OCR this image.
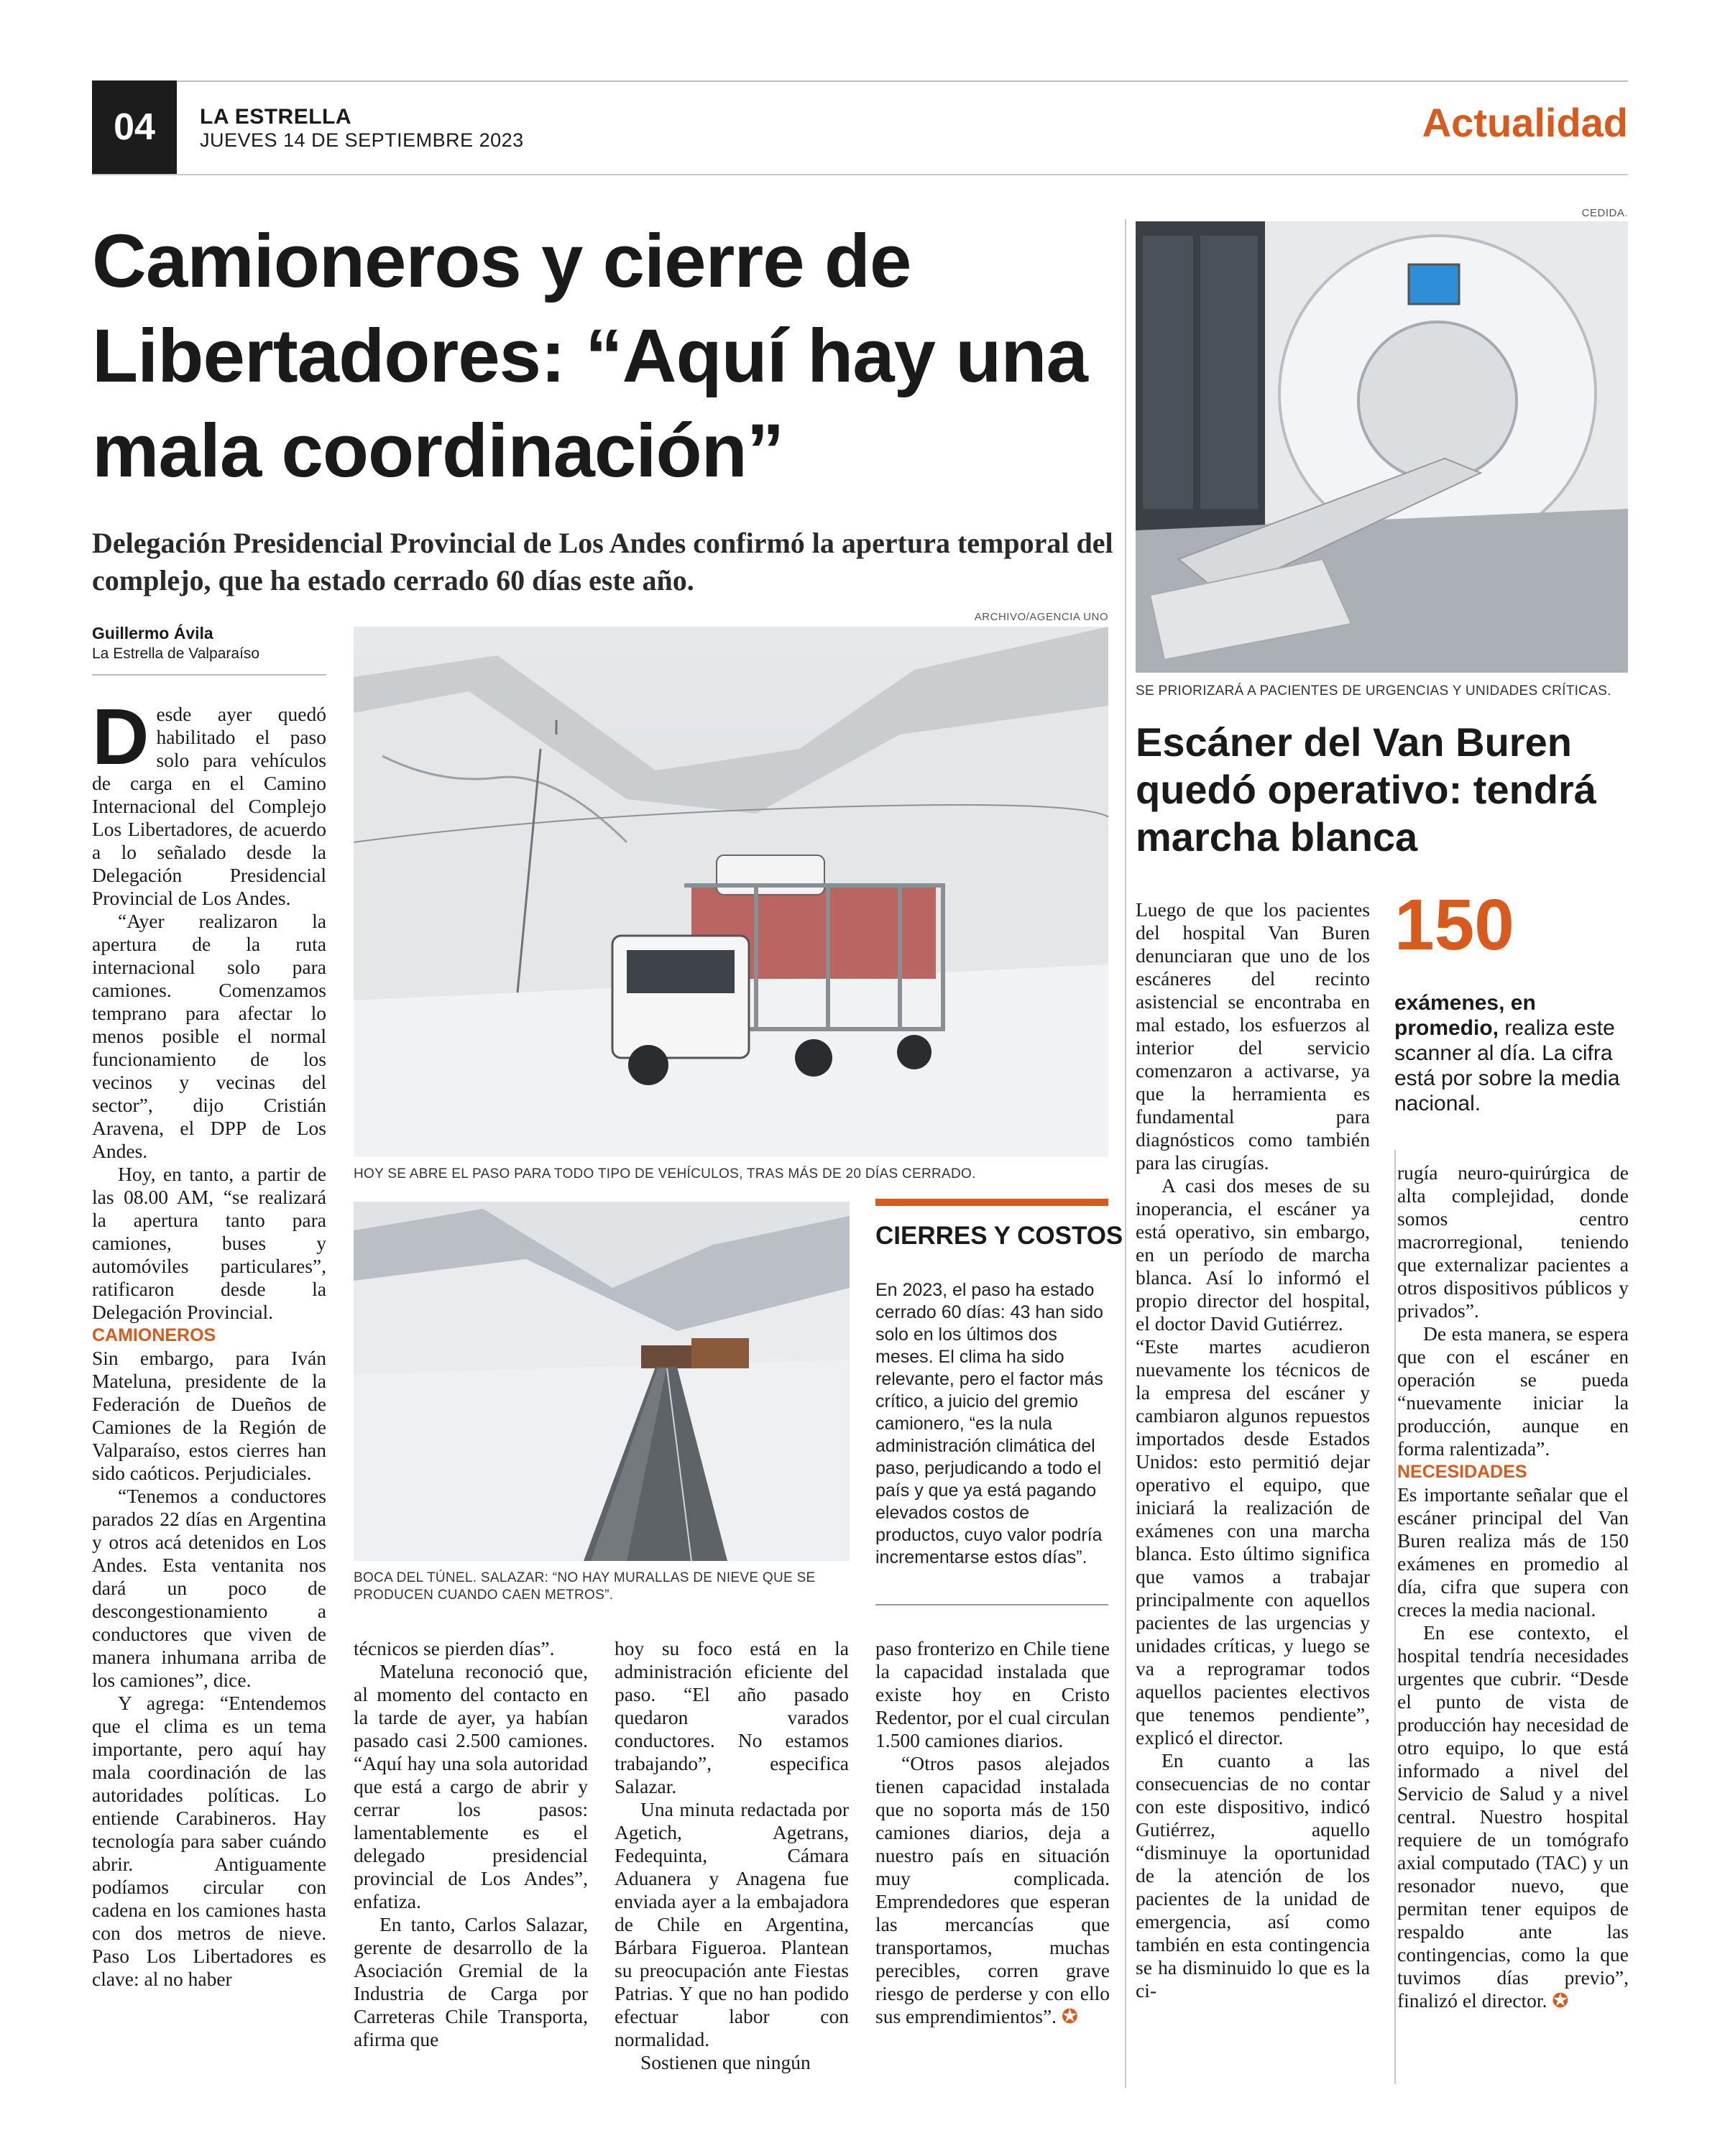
04	LA ESTRELLA
JUEVES 14 DE SEPTIEMBRE 2023	Actualidad
Camioneros y cierre de Libertadores: “Aquí hay una mala coordinación”
Delegación Presidencial Provincial de Los Andes confirmó la apertura temporal del complejo, que ha estado cerrado 60 días este año.
Guillermo Ávila
La Estrella de Valparaíso

Desde ayer quedó habilitado el paso solo para vehículos de carga en el Camino Internacional del Complejo Los Libertadores, de acuerdo a lo señalado desde la Delegación Presidencial Provincial de Los Andes.

“Ayer realizaron la apertura de la ruta internacional solo para camiones. Comenzamos temprano para afectar lo menos posible el normal funcionamiento de los vecinos y vecinas del sector”, dijo Cristián Aravena, el DPP de Los Andes.

Hoy, en tanto, a partir de las 08.00 AM, “se realizará la apertura tanto para camiones, buses y automóviles particulares”, ratificaron desde la Delegación Provincial.

CAMIONEROS

Sin embargo, para Iván Mateluna, presidente de la Federación de Dueños de Camiones de la Región de Valparaíso, estos cierres han sido caóticos. Perjudiciales.

“Tenemos a conductores parados 22 días en Argentina y otros acá detenidos en Los Andes. Esta ventanita nos dará un poco de descongestionamiento a conductores que viven de manera inhumana arriba de los camiones”, dice.

Y agrega: “Entendemos que el clima es un tema importante, pero aquí hay mala coordinación de las autoridades políticas. Lo entiende Carabineros. Hay tecnología para saber cuándo abrir. Antiguamente podíamos circular con cadena en los camiones hasta con dos metros de nieve. Paso Los Libertadores es clave: al no haber

ARCHIVO/AGENCIA UNO
HOY SE ABRE EL PASO PARA TODO TIPO DE VEHÍCULOS, TRAS MÁS DE 20 DÍAS CERRADO.
BOCA DEL TÚNEL. SALAZAR: “NO HAY MURALLAS DE NIEVE QUE SE PRODUCEN CUANDO CAEN METROS”.
CIERRES Y COSTOS
En 2023, el paso ha estado cerrado 60 días: 43 han sido solo en los últimos dos meses. El clima ha sido relevante, pero el factor más crítico, a juicio del gremio camionero, “es la nula administración climática del paso, perjudicando a todo el país y que ya está pagando elevados costos de productos, cuyo valor podría incrementarse estos días”.

técnicos se pierden días”.

Mateluna reconoció que, al momento del contacto en la tarde de ayer, ya habían pasado casi 2.500 camiones. “Aquí hay una sola autoridad que está a cargo de abrir y cerrar los pasos: lamentablemente es el delegado presidencial provincial de Los Andes”, enfatiza.

En tanto, Carlos Salazar, gerente de desarrollo de la Asociación Gremial de la Industria de Carga por Carreteras Chile Transporta, afirma que

hoy su foco está en la administración eficiente del paso. “El año pasado quedaron varados conductores. No estamos trabajando”, especifica Salazar.

Una minuta redactada por Agetich, Agetrans, Fedequinta, Cámara Aduanera y Anagena fue enviada ayer a la embajadora de Chile en Argentina, Bárbara Figueroa. Plantean su preocupación ante Fiestas Patrias. Y que no han podido efectuar labor con normalidad.

Sostienen que ningún

paso fronterizo en Chile tiene la capacidad instalada que existe hoy en Cristo Redentor, por el cual circulan 1.500 camiones diarios.

“Otros pasos alejados tienen capacidad instalada que no soporta más de 150 camiones diarios, deja a nuestro país en situación muy complicada. Emprendedores que esperan las mercancías que transportamos, muchas perecibles, corren grave riesgo de perderse y con ello sus emprendimientos”. ✪

CEDIDA.
SE PRIORIZARÁ A PACIENTES DE URGENCIAS Y UNIDADES CRÍTICAS.
Escáner del Van Buren quedó operativo: tendrá marcha blanca
150
exámenes, en promedio, realiza este scanner al día. La cifra está por sobre la media nacional.

Luego de que los pacientes del hospital Van Buren denunciaran que uno de los escáneres del recinto asistencial se encontraba en mal estado, los esfuerzos al interior del servicio comenzaron a activarse, ya que la herramienta es fundamental para diagnósticos como también para las cirugías.

A casi dos meses de su inoperancia, el escáner ya está operativo, sin embargo, en un período de marcha blanca. Así lo informó el propio director del hospital, el doctor David Gutiérrez.

“Este martes acudieron nuevamente los técnicos de la empresa del escáner y cambiaron algunos repuestos importados desde Estados Unidos: esto permitió dejar operativo el equipo, que iniciará la realización de exámenes con una marcha blanca. Esto último significa que vamos a trabajar principalmente con aquellos pacientes de las urgencias y unidades críticas, y luego se va a reprogramar todos aquellos pacientes electivos que tenemos pendiente”, explicó el director.

En cuanto a las consecuencias de no contar con este dispositivo, indicó Gutiérrez, aquello “disminuye la oportunidad de la atención de los pacientes de la unidad de emergencia, así como también en esta contingencia se ha disminuido lo que es la ci-

rugía neuro-quirúrgica de alta complejidad, donde somos centro macrorregional, teniendo que externalizar pacientes a otros dispositivos públicos y privados”.

De esta manera, se espera que con el escáner en operación se pueda “nuevamente iniciar la producción, aunque en forma ralentizada”.

NECESIDADES

Es importante señalar que el escáner principal del Van Buren realiza más de 150 exámenes en promedio al día, cifra que supera con creces la media nacional.

En ese contexto, el hospital tendría necesidades urgentes que cubrir. “Desde el punto de vista de producción hay necesidad de otro equipo, lo que está informado a nivel del Servicio de Salud y a nivel central. Nuestro hospital requiere de un tomógrafo axial computado (TAC) y un resonador nuevo, que permitan tener equipos de respaldo ante las contingencias, como la que tuvimos días previo”, finalizó el director. ✪
